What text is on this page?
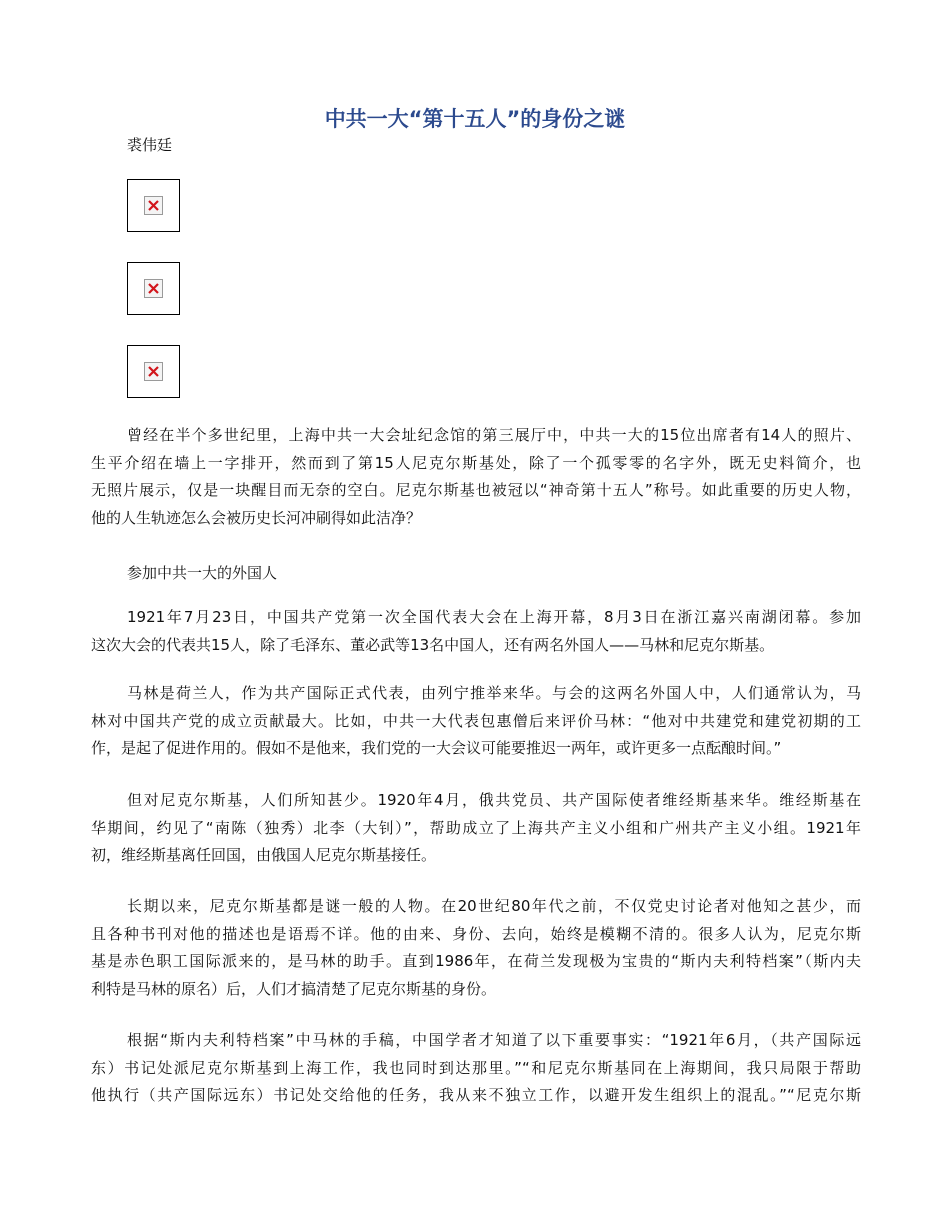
中共一大“第十五人”的身份之谜
裘伟廷
曾经在半个多世纪里，上海中共一大会址纪念馆的第三展厅中，中共一大的15位出席者有14人的照片、
生平介绍在墙上一字排开，然而到了第15人尼克尔斯基处，除了一个孤零零的名字外，既无史料简介，也
无照片展示，仅是一块醒目而无奈的空白。尼克尔斯基也被冠以“神奇第十五人”称号。如此重要的历史人物，
他的人生轨迹怎么会被历史长河冲刷得如此洁净？
参加中共一大的外国人
1921年7月23日，中国共产党第一次全国代表大会在上海开幕，8月3日在浙江嘉兴南湖闭幕。参加
这次大会的代表共15人，除了毛泽东、董必武等13名中国人，还有两名外国人——马林和尼克尔斯基。
马林是荷兰人，作为共产国际正式代表，由列宁推举来华。与会的这两名外国人中，人们通常认为，马
林对中国共产党的成立贡献最大。比如，中共一大代表包惠僧后来评价马林：“他对中共建党和建党初期的工
作，是起了促进作用的。假如不是他来，我们党的一大会议可能要推迟一两年，或许更多一点酝酿时间。”
但对尼克尔斯基，人们所知甚少。1920年4月，俄共党员、共产国际使者维经斯基来华。维经斯基在
华期间，约见了“南陈（独秀）北李（大钊）”，帮助成立了上海共产主义小组和广州共产主义小组。1921年
初，维经斯基离任回国，由俄国人尼克尔斯基接任。
长期以来，尼克尔斯基都是谜一般的人物。在20世纪80年代之前，不仅党史讨论者对他知之甚少，而
且各种书刊对他的描述也是语焉不详。他的由来、身份、去向，始终是模糊不清的。很多人认为，尼克尔斯
基是赤色职工国际派来的，是马林的助手。直到1986年，在荷兰发现极为宝贵的“斯内夫利特档案”（斯内夫
利特是马林的原名）后，人们才搞清楚了尼克尔斯基的身份。
根据“斯内夫利特档案”中马林的手稿，中国学者才知道了以下重要事实：“1921年6月，（共产国际远
东）书记处派尼克尔斯基到上海工作，我也同时到达那里。”“和尼克尔斯基同在上海期间，我只局限于帮助
他执行（共产国际远东）书记处交给他的任务，我从来不独立工作，以避开发生组织上的混乱。”“尼克尔斯
